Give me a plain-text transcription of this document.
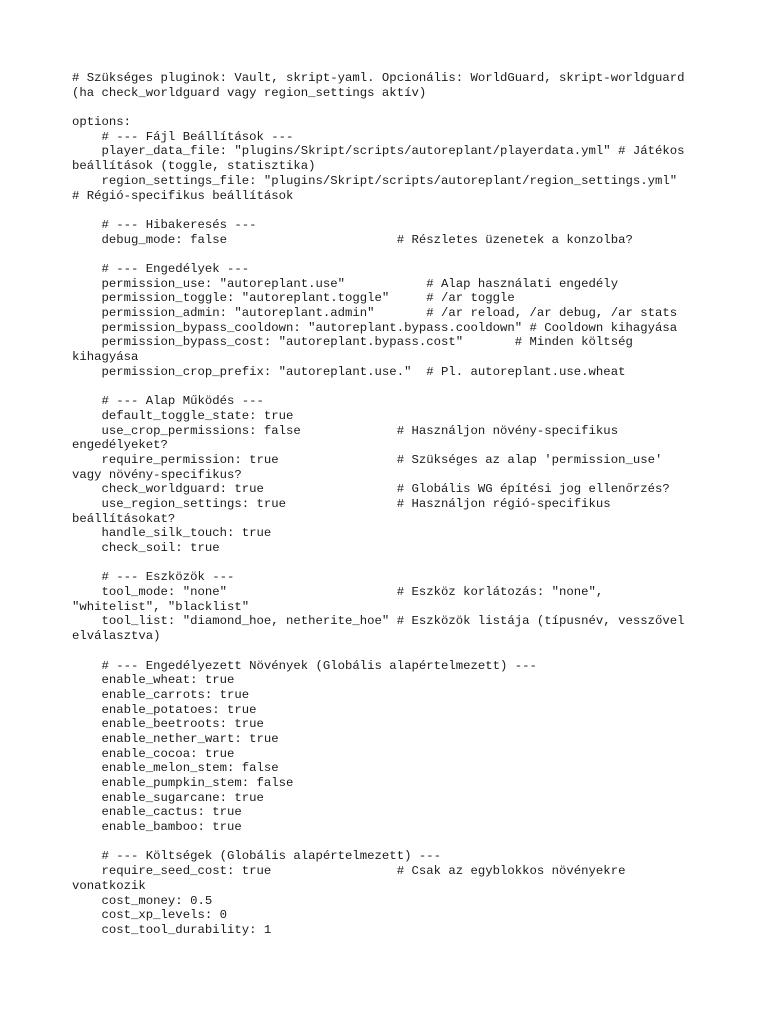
# Szükséges pluginok: Vault, skript-yaml. Opcionális: WorldGuard, skript-worldguard
(ha check_worldguard vagy region_settings aktív)
options:
# --- Fájl Beállítások ---
player_data_file: "plugins/Skript/scripts/autoreplant/playerdata.yml" # Játékos
beállítások (toggle, statisztika)
region_settings_file: "plugins/Skript/scripts/autoreplant/region_settings.yml"
# Régió-specifikus beállítások
# --- Hibakeresés ---
debug_mode: false                       # Részletes üzenetek a konzolba?
# --- Engedélyek ---
permission_use: "autoreplant.use"           # Alap használati engedély
permission_toggle: "autoreplant.toggle"     # /ar toggle
permission_admin: "autoreplant.admin"       # /ar reload, /ar debug, /ar stats
permission_bypass_cooldown: "autoreplant.bypass.cooldown" # Cooldown kihagyása
permission_bypass_cost: "autoreplant.bypass.cost"       # Minden költség
kihagyása
permission_crop_prefix: "autoreplant.use."  # Pl. autoreplant.use.wheat
# --- Alap Működés ---
default_toggle_state: true
use_crop_permissions: false             # Használjon növény-specifikus
engedélyeket?
require_permission: true                # Szükséges az alap 'permission_use'
vagy növény-specifikus?
check_worldguard: true                  # Globális WG építési jog ellenőrzés?
use_region_settings: true               # Használjon régió-specifikus
beállításokat?
handle_silk_touch: true
check_soil: true
# --- Eszközök ---
tool_mode: "none"                       # Eszköz korlátozás: "none",
"whitelist", "blacklist"
tool_list: "diamond_hoe, netherite_hoe" # Eszközök listája (típusnév, vesszővel
elválasztva)
# --- Engedélyezett Növények (Globális alapértelmezett) ---
enable_wheat: true
enable_carrots: true
enable_potatoes: true
enable_beetroots: true
enable_nether_wart: true
enable_cocoa: true
enable_melon_stem: false
enable_pumpkin_stem: false
enable_sugarcane: true
enable_cactus: true
enable_bamboo: true
# --- Költségek (Globális alapértelmezett) ---
require_seed_cost: true                 # Csak az egyblokkos növényekre
vonatkozik
cost_money: 0.5
cost_xp_levels: 0
cost_tool_durability: 1
